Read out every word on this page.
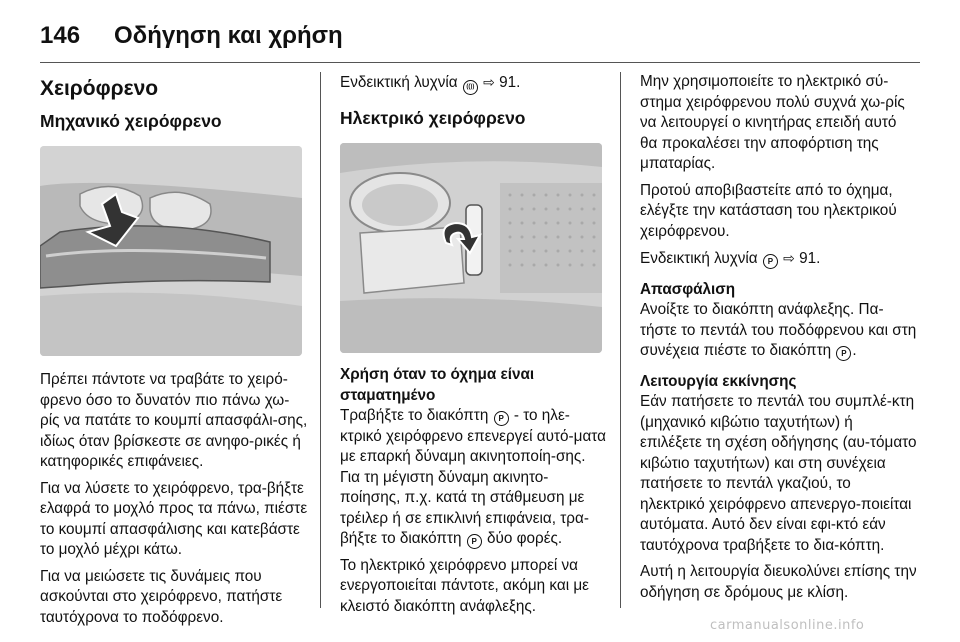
146 Οδήγηση και χρήση
Χειρόφρενο
Μηχανικό χειρόφρενο

Πρέπει πάντοτε να τραβάτε το χειρό-φρενο όσο το δυνατόν πιο πάνω χω-ρίς να πατάτε το κουμπί απασφάλι-σης, ιδίως όταν βρίσκεστε σε ανηφο-ρικές ή κατηφορικές επιφάνειες.

Για να λύσετε το χειρόφρενο, τρα-βήξτε ελαφρά το μοχλό προς τα πάνω, πιέστε το κουμπί απασφάλισης και κατεβάστε το μοχλό μέχρι κάτω.

Για να μειώσετε τις δυνάμεις που ασκούνται στο χειρόφρενο, πατήστε ταυτόχρονα το ποδόφρενο.

Ενδεικτική λυχνία (()) ⇨ 91.

Ηλεκτρικό χειρόφρενο
Χρήση όταν το όχημα είναι σταματημένο

Τραβήξτε το διακόπτη P - το ηλε-κτρικό χειρόφρενο επενεργεί αυτό-ματα με επαρκή δύναμη ακινητοποίη-σης. Για τη μέγιστη δύναμη ακινητο-ποίησης, π.χ. κατά τη στάθμευση με τρέιλερ ή σε επικλινή επιφάνεια, τρα-βήξτε το διακόπτη P δύο φορές.

Το ηλεκτρικό χειρόφρενο μπορεί να ενεργοποιείται πάντοτε, ακόμη και με κλειστό διακόπτη ανάφλεξης.

Μην χρησιμοποιείτε το ηλεκτρικό σύ-στημα χειρόφρενου πολύ συχνά χω-ρίς να λειτουργεί ο κινητήρας επειδή αυτό θα προκαλέσει την αποφόρτιση της μπαταρίας.

Προτού αποβιβαστείτε από το όχημα, ελέγξτε την κατάσταση του ηλεκτρικού χειρόφρενου.

Ενδεικτική λυχνία P ⇨ 91.

Απασφάλιση

Ανοίξτε το διακόπτη ανάφλεξης. Πα-τήστε το πεντάλ του ποδόφρενου και στη συνέχεια πιέστε το διακόπτη P .

Λειτουργία εκκίνησης

Εάν πατήσετε το πεντάλ του συμπλέ-κτη (μηχανικό κιβώτιο ταχυτήτων) ή επιλέξετε τη σχέση οδήγησης (αυ-τόματο κιβώτιο ταχυτήτων) και στη συνέχεια πατήσετε το πεντάλ γκαζιού, το ηλεκτρικό χειρόφρενο απενεργο-ποιείται αυτόματα. Αυτό δεν είναι εφι-κτό εάν ταυτόχρονα τραβήξετε το δια-κόπτη.

Αυτή η λειτουργία διευκολύνει επίσης την οδήγηση σε δρόμους με κλίση.

carmanualsonline.info
